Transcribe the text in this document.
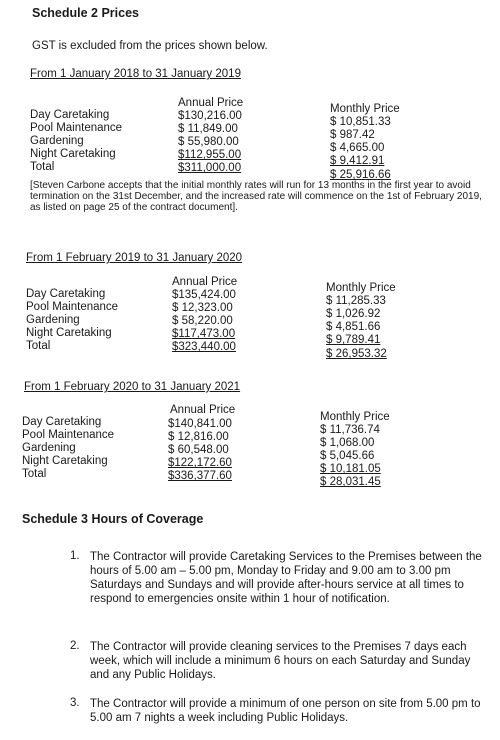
Schedule 2 Prices
GST is excluded from the prices shown below.
From 1 January 2018 to 31 January 2019
Annual Price	Monthly Price
Day Caretaking
Pool Maintenance
Gardening
Night Caretaking
Total
$130,216.00
$ 11,849.00
$ 55,980.00
$112,955.00
$311,000.00
$ 10,851.33
$ 987.42
$ 4,665.00
$ 9,412.91
$ 25,916.66
[Steven Carbone accepts that the initial monthly rates will run for 13 months in the first year to avoid termination on the 31st December, and the increased rate will commence on the 1st of February 2019, as listed on page 25 of the contract document].
From 1 February 2019 to 31 January 2020
Annual Price	Monthly Price
Day Caretaking
Pool Maintenance
Gardening
Night Caretaking
Total
$135,424.00
$ 12,323.00
$ 58,220.00
$117,473.00
$323,440.00
$ 11,285.33
$ 1,026.92
$ 4,851.66
$ 9,789.41
$ 26,953.32
From 1 February 2020 to 31 January 2021
Annual Price
Monthly Price
Day Caretaking
Pool Maintenance
Gardening
Night Caretaking
Total
$140,841.00
$ 12,816.00
$ 60,548.00
$122,172.60
$336,377.60
$ 11,736.74
$ 1,068.00
$ 5,045.66
$ 10,181.05
$ 28,031.45
Schedule 3 Hours of Coverage
1. The Contractor will provide Caretaking Services to the Premises between the hours of 5.00 am – 5.00 pm, Monday to Friday and 9.00 am to 3.00 pm Saturdays and Sundays and will provide after-hours service at all times to respond to emergencies onsite within 1 hour of notification.
2. The Contractor will provide cleaning services to the Premises 7 days each week, which will include a minimum 6 hours on each Saturday and Sunday and any Public Holidays.
3. The Contractor will provide a minimum of one person on site from 5.00 pm to 5.00 am 7 nights a week including Public Holidays.
